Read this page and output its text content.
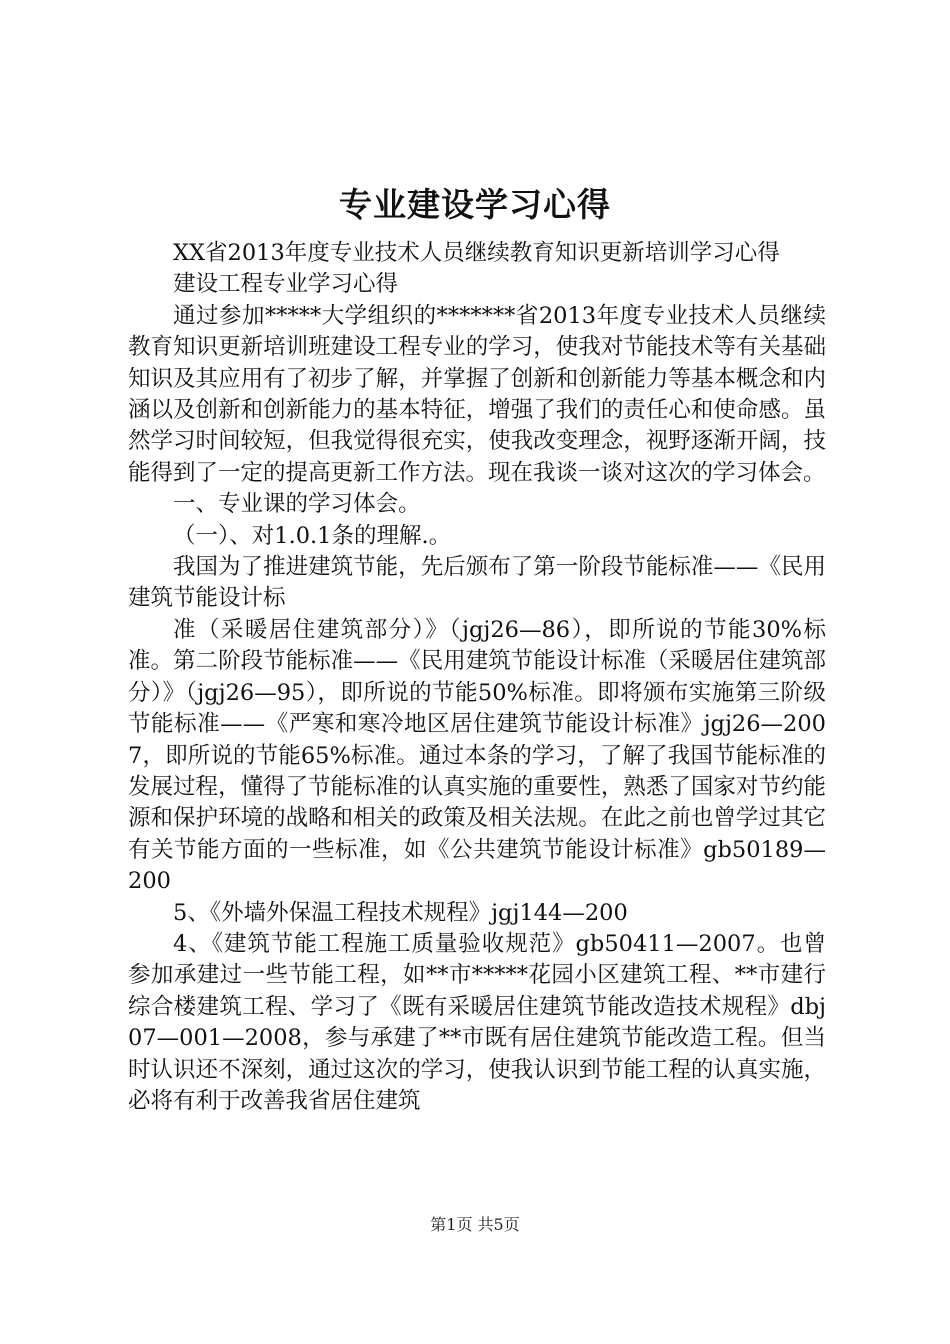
专业建设学习心得

XX省2013年度专业技术人员继续教育知识更新培训学习心得

建设工程专业学习心得

通过参加*****大学组织的*******省2013年度专业技术人员继续教育知识更新培训班建设工程专业的学习，使我对节能技术等有关基础知识及其应用有了初步了解，并掌握了创新和创新能力等基本概念和内涵以及创新和创新能力的基本特征，增强了我们的责任心和使命感。虽然学习时间较短，但我觉得很充实，使我改变理念，视野逐渐开阔，技能得到了一定的提高更新工作方法。现在我谈一谈对这次的学习体会。

一、专业课的学习体会。

（一）、对1.0.1条的理解.。

我国为了推进建筑节能，先后颁布了第一阶段节能标准——《民用建筑节能设计标

准（采暖居住建筑部分）》（jgj26—86），即所说的节能30%标准。第二阶段节能标准——《民用建筑节能设计标准（采暖居住建筑部分）》（jgj26—95），即所说的节能50%标准。即将颁布实施第三阶级节能标准——《严寒和寒冷地区居住建筑节能设计标准》jgj26—2007，即所说的节能65%标准。通过本条的学习，了解了我国节能标准的发展过程，懂得了节能标准的认真实施的重要性，熟悉了国家对节约能源和保护环境的战略和相关的政策及相关法规。在此之前也曾学过其它有关节能方面的一些标准，如《公共建筑节能设计标准》gb50189—200

5、《外墙外保温工程技术规程》jgj144—200

4、《建筑节能工程施工质量验收规范》gb50411—2007。也曾参加承建过一些节能工程，如**市*****花园小区建筑工程、**市建行综合楼建筑工程、学习了《既有采暖居住建筑节能改造技术规程》dbj07—001—2008，参与承建了**市既有居住建筑节能改造工程。但当时认识还不深刻，通过这次的学习，使我认识到节能工程的认真实施，必将有利于改善我省居住建筑

第1页 共5页
